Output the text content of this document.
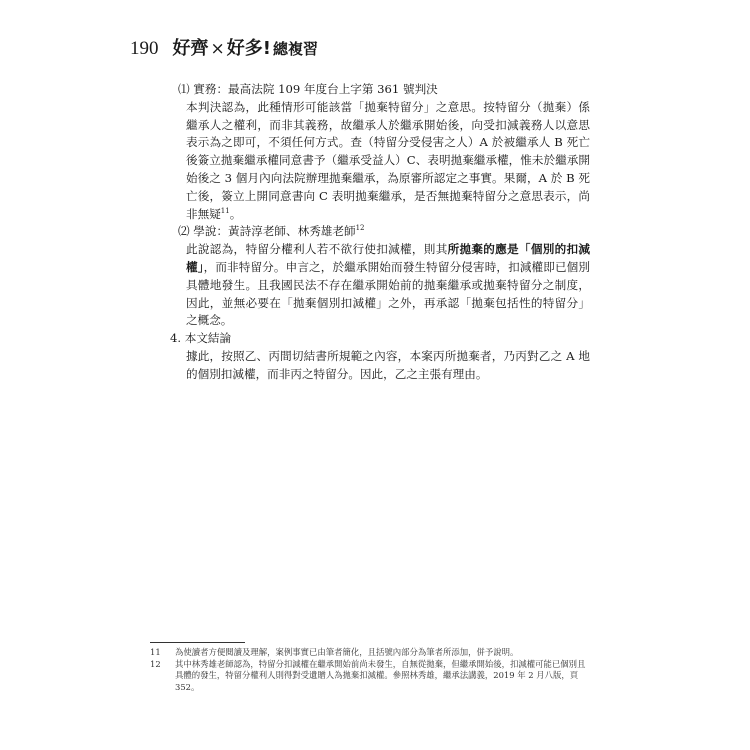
190 好齊 × 好多! 總複習
⑴ 實務：最高法院 109 年度台上字第 361 號判決
本判決認為，此種情形可能該當「拋棄特留分」之意思。按特留分（拋棄）係繼承人之權利，而非其義務，故繼承人於繼承開始後，向受扣減義務人以意思表示為之即可，不須任何方式。查（特留分受侵害之人）A 於被繼承人 B 死亡後簽立拋棄繼承權同意書予（繼承受益人）C、表明拋棄繼承權，惟未於繼承開始後之 3 個月內向法院辦理拋棄繼承，為原審所認定之事實。果爾，A 於 B 死亡後，簽立上開同意書向 C 表明拋棄繼承，是否無拋棄特留分之意思表示，尚非無疑$^{11}$。
⑵ 學說：黃詩淳老師、林秀雄老師$^{12}$
此說認為，特留分權利人若不欲行使扣減權，則其所拋棄的應是「個別的扣減權」，而非特留分。申言之，於繼承開始而發生特留分侵害時，扣減權即已個別具體地發生。且我國民法不存在繼承開始前的拋棄繼承或拋棄特留分之制度，因此，並無必要在「拋棄個別扣減權」之外，再承認「拋棄包括性的特留分」之概念。
4. 本文結論
據此，按照乙、丙間切結書所規範之內容，本案丙所拋棄者，乃丙對乙之 A 地的個別扣減權，而非丙之特留分。因此，乙之主張有理由。
11	為使讀者方便閱讀及理解，案例事實已由筆者簡化，且括號內部分為筆者所添加，併予說明。
12	其中林秀雄老師認為，特留分扣減權在繼承開始前尚未發生，自無從拋棄，但繼承開始後，扣減權可能已個別且具體的發生，特留分權利人則得對受遺贈人為拋棄扣減權。參照林秀雄，繼承法講義，2019 年 2 月八版，頁 352。
